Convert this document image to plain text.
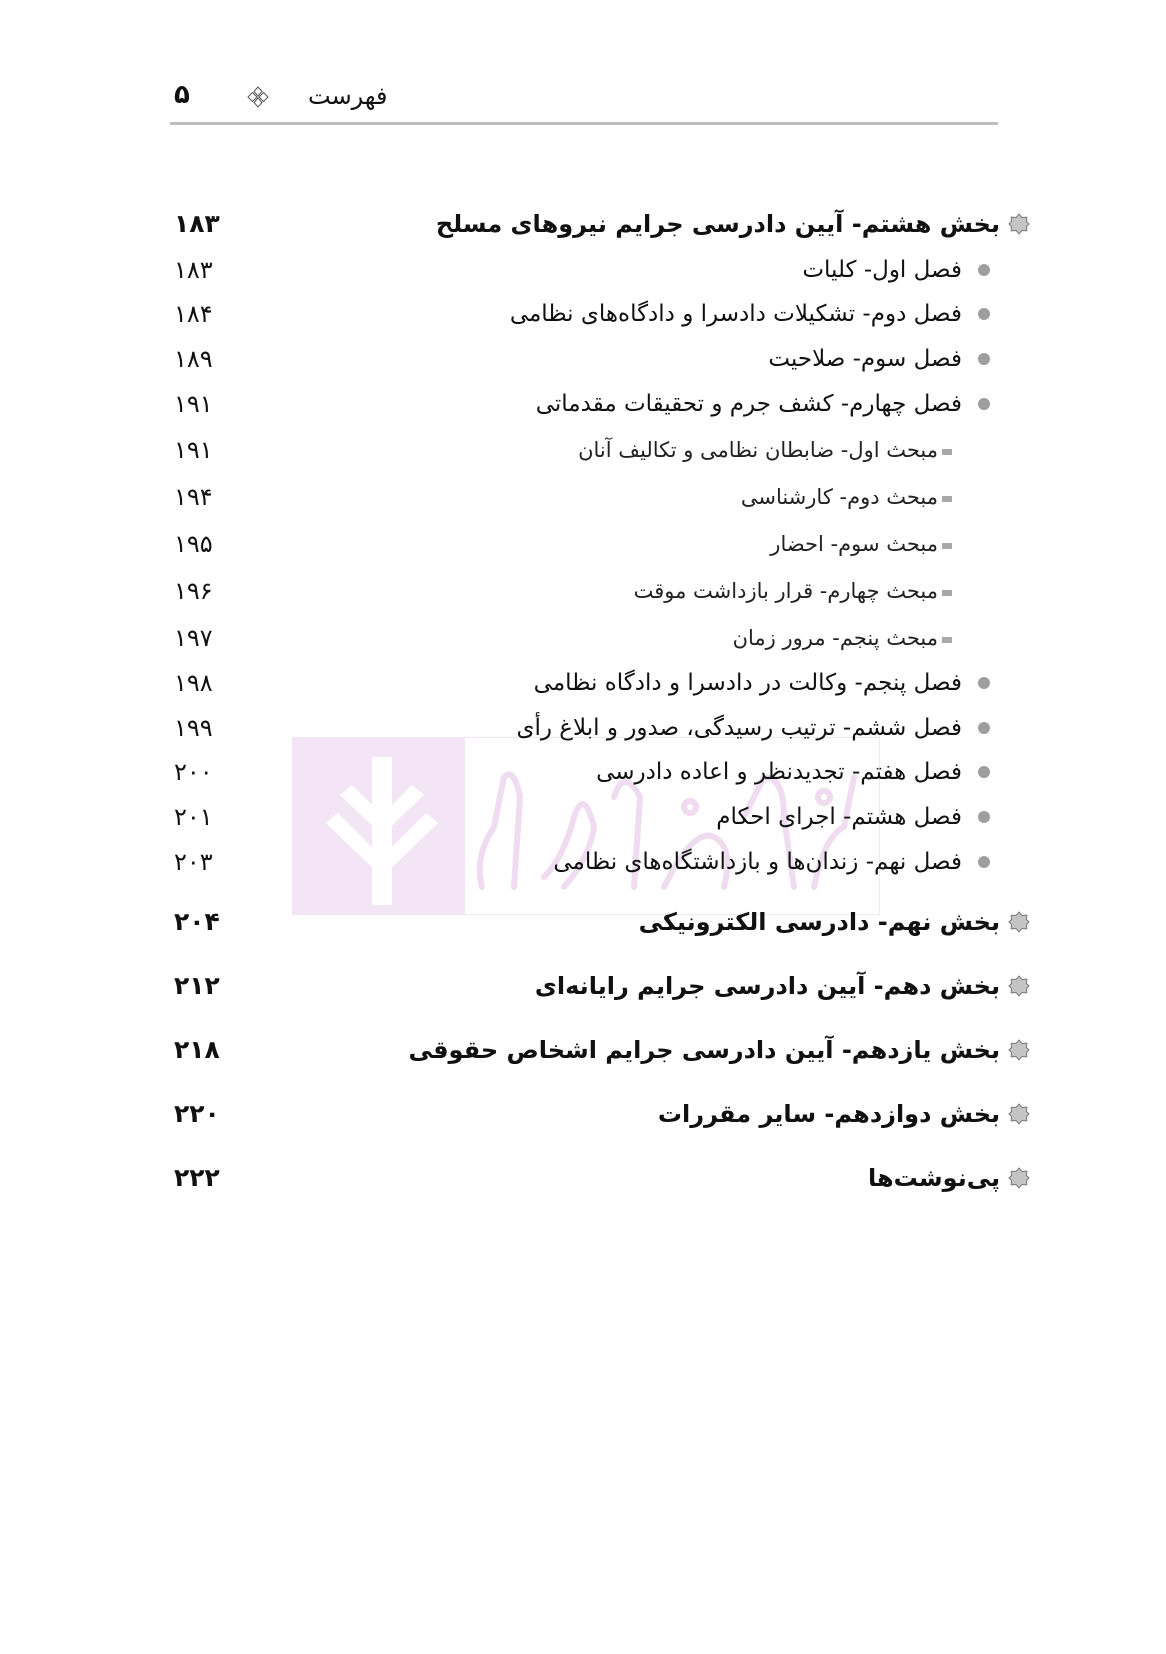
۵	فهرست
۱۸۳	بخش هشتم- آیین دادرسی جرایم نیروهای مسلح
۱۸۳	فصل اول- کلیات
۱۸۴	فصل دوم- تشکیلات دادسرا و دادگاه‌های نظامی
۱۸۹	فصل سوم- صلاحیت
۱۹۱	فصل چهارم- کشف جرم و تحقیقات مقدماتی
۱۹۱	مبحث اول- ضابطان نظامی و تکالیف آنان
۱۹۴	مبحث دوم- کارشناسی
۱۹۵	مبحث سوم- احضار
۱۹۶	مبحث چهارم- قرار بازداشت موقت
۱۹۷	مبحث پنجم- مرور زمان
۱۹۸	فصل پنجم- وکالت در دادسرا و دادگاه نظامی
۱۹۹	فصل ششم- ترتیب رسیدگی، صدور و ابلاغ رأی
۲۰۰	فصل هفتم- تجدیدنظر و اعاده دادرسی
۲۰۱	فصل هشتم- اجرای احکام
۲۰۳	فصل نهم- زندان‌ها و بازداشتگاه‌های نظامی
۲۰۴	بخش نهم- دادرسی الکترونیکی
۲۱۲	بخش دهم- آیین دادرسی جرایم رایانه‌ای
۲۱۸	بخش یازدهم- آیین دادرسی جرایم اشخاص حقوقی
۲۲۰	بخش دوازدهم- سایر مقررات
۲۲۲	پی‌نوشت‌ها
